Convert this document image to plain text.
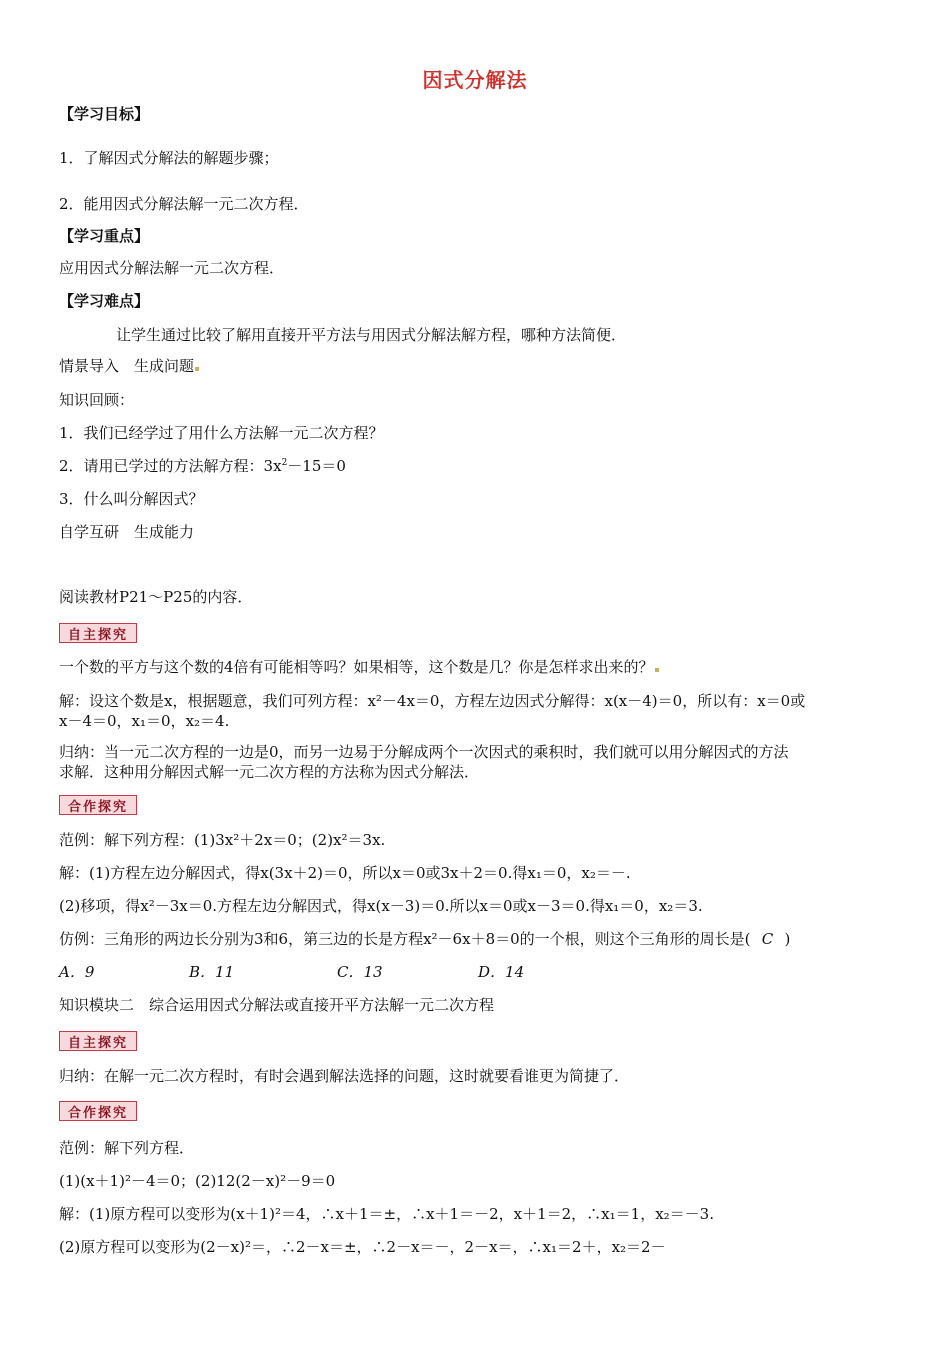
因式分解法
【学习目标】
1．了解因式分解法的解题步骤；
2．能用因式分解法解一元二次方程．
【学习重点】
应用因式分解法解一元二次方程．
【学习难点】
让学生通过比较了解用直接开平方法与用因式分解法解方程，哪种方法简便．
情景导入　生成问题
知识回顾：
1．我们已经学过了用什么方法解一元二次方程？
2．请用已学过的方法解方程：$3x^2-15=0$
3．什么叫分解因式？
自学互研　生成能力
阅读教材P21～P25的内容．
自主探究
一个数的平方与这个数的4倍有可能相等吗？如果相等，这个数是几？你是怎样求出来的？
解：设这个数是x，根据题意，我们可列方程：x²－4x＝0，方程左边因式分解得：x(x－4)＝0，所以有：x＝0或
x－4＝0，x₁＝0，x₂＝4.
归纳：当一元二次方程的一边是0，而另一边易于分解成两个一次因式的乘积时，我们就可以用分解因式的方法
求解．这种用分解因式解一元二次方程的方法称为因式分解法．
合作探究
范例：解下列方程：(1)3x²＋2x＝0；(2)x²＝3x.
解：(1)方程左边分解因式，得x(3x＋2)＝0，所以x＝0或3x＋2＝0.得x₁＝0，x₂＝－.
(2)移项，得x²－3x＝0.方程左边分解因式，得x(x－3)＝0.所以x＝0或x－3＝0.得x₁＝0，x₂＝3.
仿例：三角形的两边长分别为3和6，第三边的长是方程x²－6x＋8＝0的一个根，则这个三角形的周长是( C )
A．9	B．11	C．13	D．14
知识模块二　综合运用因式分解法或直接开平方法解一元二次方程
自主探究
归纳：在解一元二次方程时，有时会遇到解法选择的问题，这时就要看谁更为简捷了．
合作探究
范例：解下列方程．
(1)(x＋1)²－4＝0；(2)12(2－x)²－9＝0
解：(1)原方程可以变形为(x＋1)²＝4，∴x＋1＝±，∴x＋1＝－2，x＋1＝2，∴x₁＝1，x₂＝－3.
(2)原方程可以变形为(2－x)²＝，∴2－x＝±，∴2－x＝－，2－x＝，∴x₁＝2＋，x₂＝2－
